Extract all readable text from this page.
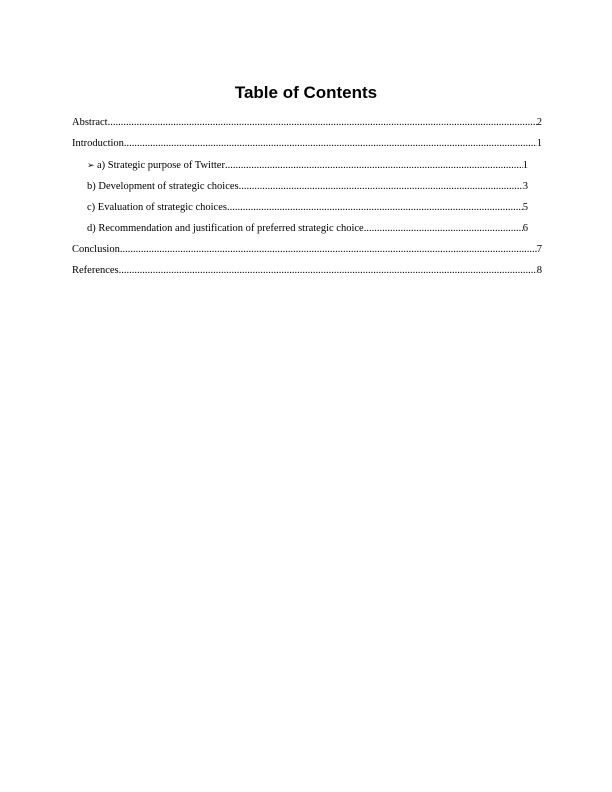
Table of Contents
Abstract .....	2
Introduction .....	1
➢ a) Strategic purpose of Twitter .....	1
b) Development of strategic choices .....	3
c) Evaluation of strategic choices .....	5
d) Recommendation and justification of preferred strategic choice .....	6
Conclusion .....	7
References .....	8
